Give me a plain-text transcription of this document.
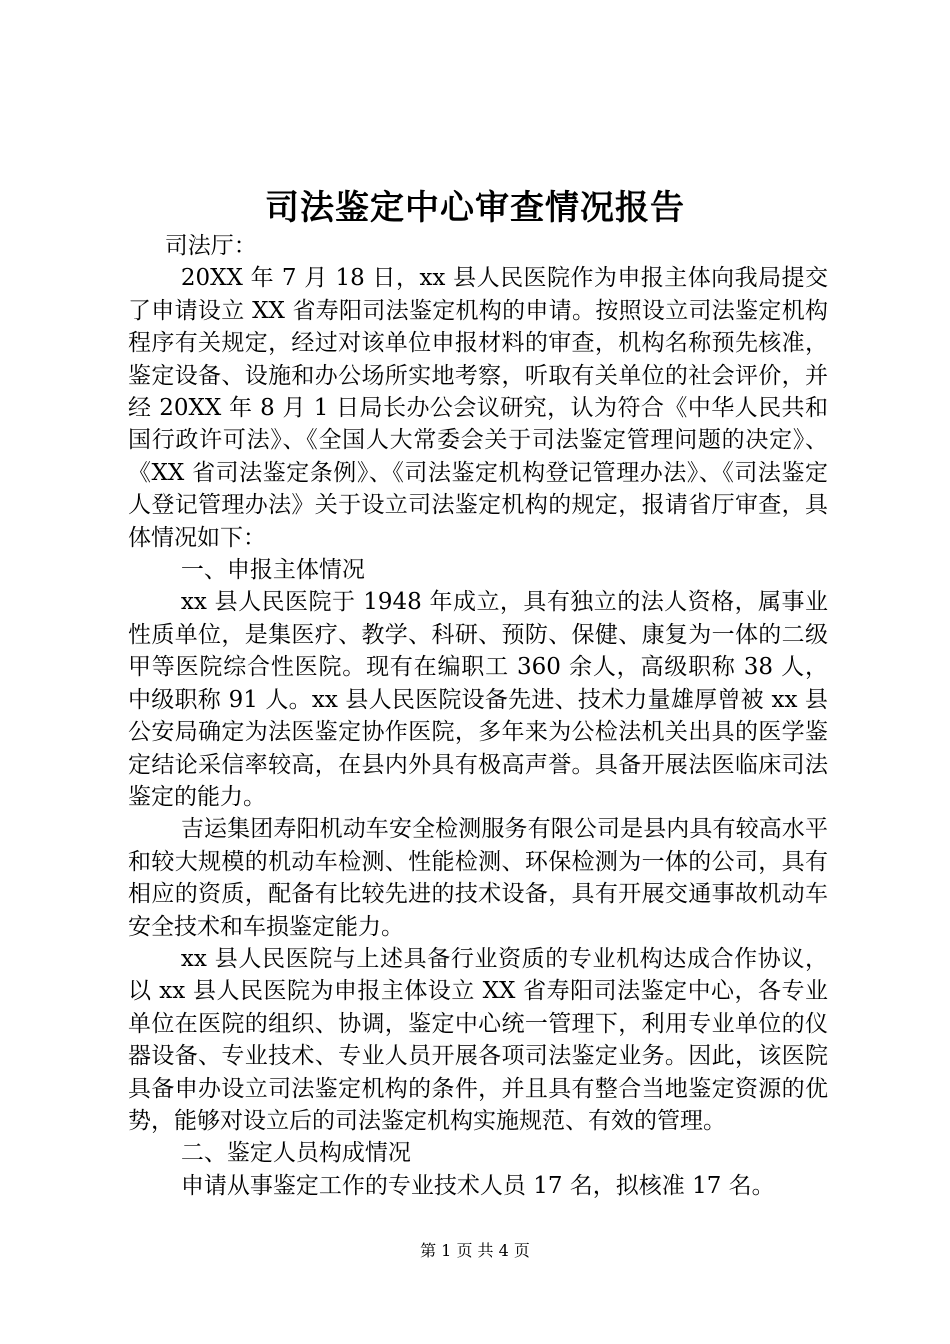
司法鉴定中心审查情况报告

司法厅：

20XX 年 7 月 18 日，xx 县人民医院作为申报主体向我局提交了申请设立 XX 省寿阳司法鉴定机构的申请。按照设立司法鉴定机构程序有关规定，经过对该单位申报材料的审查，机构名称预先核准，鉴定设备、设施和办公场所实地考察，听取有关单位的社会评价，并经 20XX 年 8 月 1 日局长办公会议研究，认为符合《中华人民共和国行政许可法》、《全国人大常委会关于司法鉴定管理问题的决定》、《XX 省司法鉴定条例》、《司法鉴定机构登记管理办法》、《司法鉴定人登记管理办法》关于设立司法鉴定机构的规定，报请省厅审查，具体情况如下：

一、申报主体情况

xx 县人民医院于 1948 年成立，具有独立的法人资格，属事业性质单位，是集医疗、教学、科研、预防、保健、康复为一体的二级甲等医院综合性医院。现有在编职工 360 余人，高级职称 38 人，中级职称 91 人。xx 县人民医院设备先进、技术力量雄厚曾被 xx 县公安局确定为法医鉴定协作医院，多年来为公检法机关出具的医学鉴定结论采信率较高，在县内外具有极高声誉。具备开展法医临床司法鉴定的能力。

吉运集团寿阳机动车安全检测服务有限公司是县内具有较高水平和较大规模的机动车检测、性能检测、环保检测为一体的公司，具有相应的资质，配备有比较先进的技术设备，具有开展交通事故机动车安全技术和车损鉴定能力。

xx 县人民医院与上述具备行业资质的专业机构达成合作协议，以 xx 县人民医院为申报主体设立 XX 省寿阳司法鉴定中心，各专业单位在医院的组织、协调，鉴定中心统一管理下，利用专业单位的仪器设备、专业技术、专业人员开展各项司法鉴定业务。因此，该医院具备申办设立司法鉴定机构的条件，并且具有整合当地鉴定资源的优势，能够对设立后的司法鉴定机构实施规范、有效的管理。

二、鉴定人员构成情况

申请从事鉴定工作的专业技术人员 17 名，拟核准 17 名。

第 1 页 共 4 页
